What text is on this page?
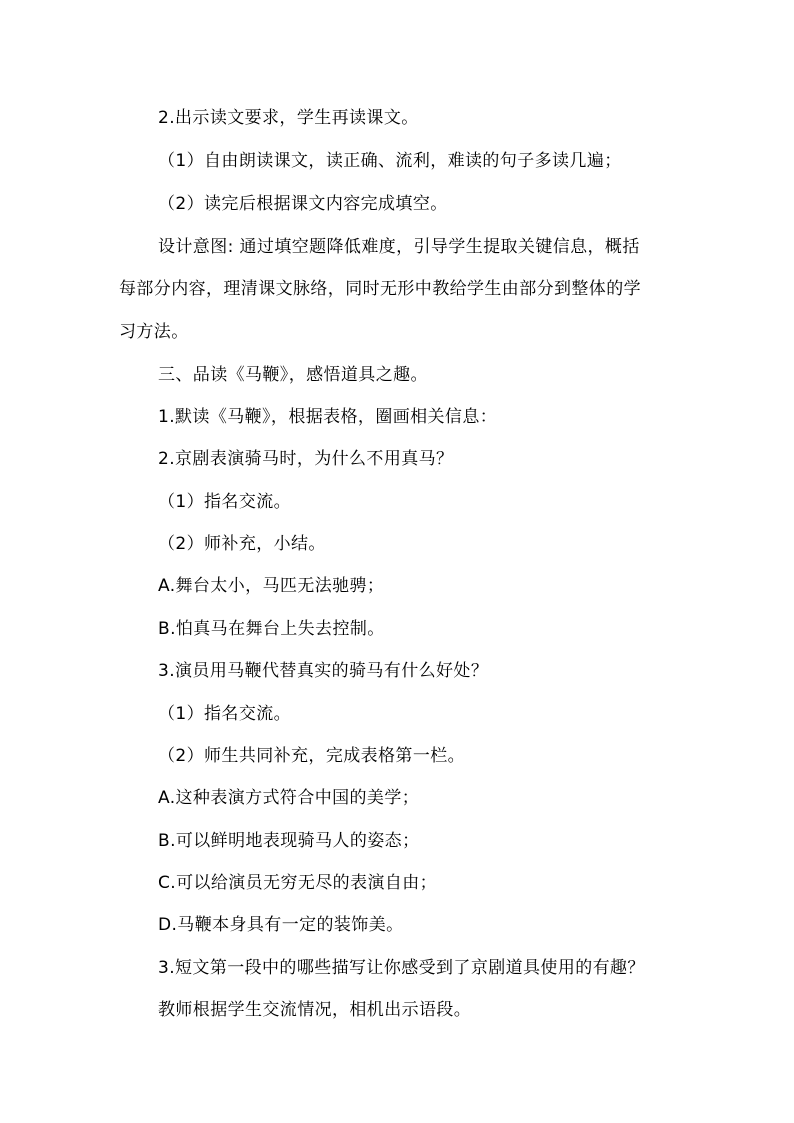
2.出示读文要求，学生再读课文。
（1）自由朗读课文，读正确、流利，难读的句子多读几遍；
（2）读完后根据课文内容完成填空。
设计意图: 通过填空题降低难度，引导学生提取关键信息，概括
每部分内容，理清课文脉络，同时无形中教给学生由部分到整体的学
习方法。
三、品读《马鞭》，感悟道具之趣。
1.默读《马鞭》，根据表格，圈画相关信息：
2.京剧表演骑马时，为什么不用真马？
（1）指名交流。
（2）师补充，小结。
A.舞台太小，马匹无法驰骋；
B.怕真马在舞台上失去控制。
3.演员用马鞭代替真实的骑马有什么好处？
（1）指名交流。
（2）师生共同补充，完成表格第一栏。
A.这种表演方式符合中国的美学；
B.可以鲜明地表现骑马人的姿态；
C.可以给演员无穷无尽的表演自由；
D.马鞭本身具有一定的装饰美。
3.短文第一段中的哪些描写让你感受到了京剧道具使用的有趣？
教师根据学生交流情况，相机出示语段。
